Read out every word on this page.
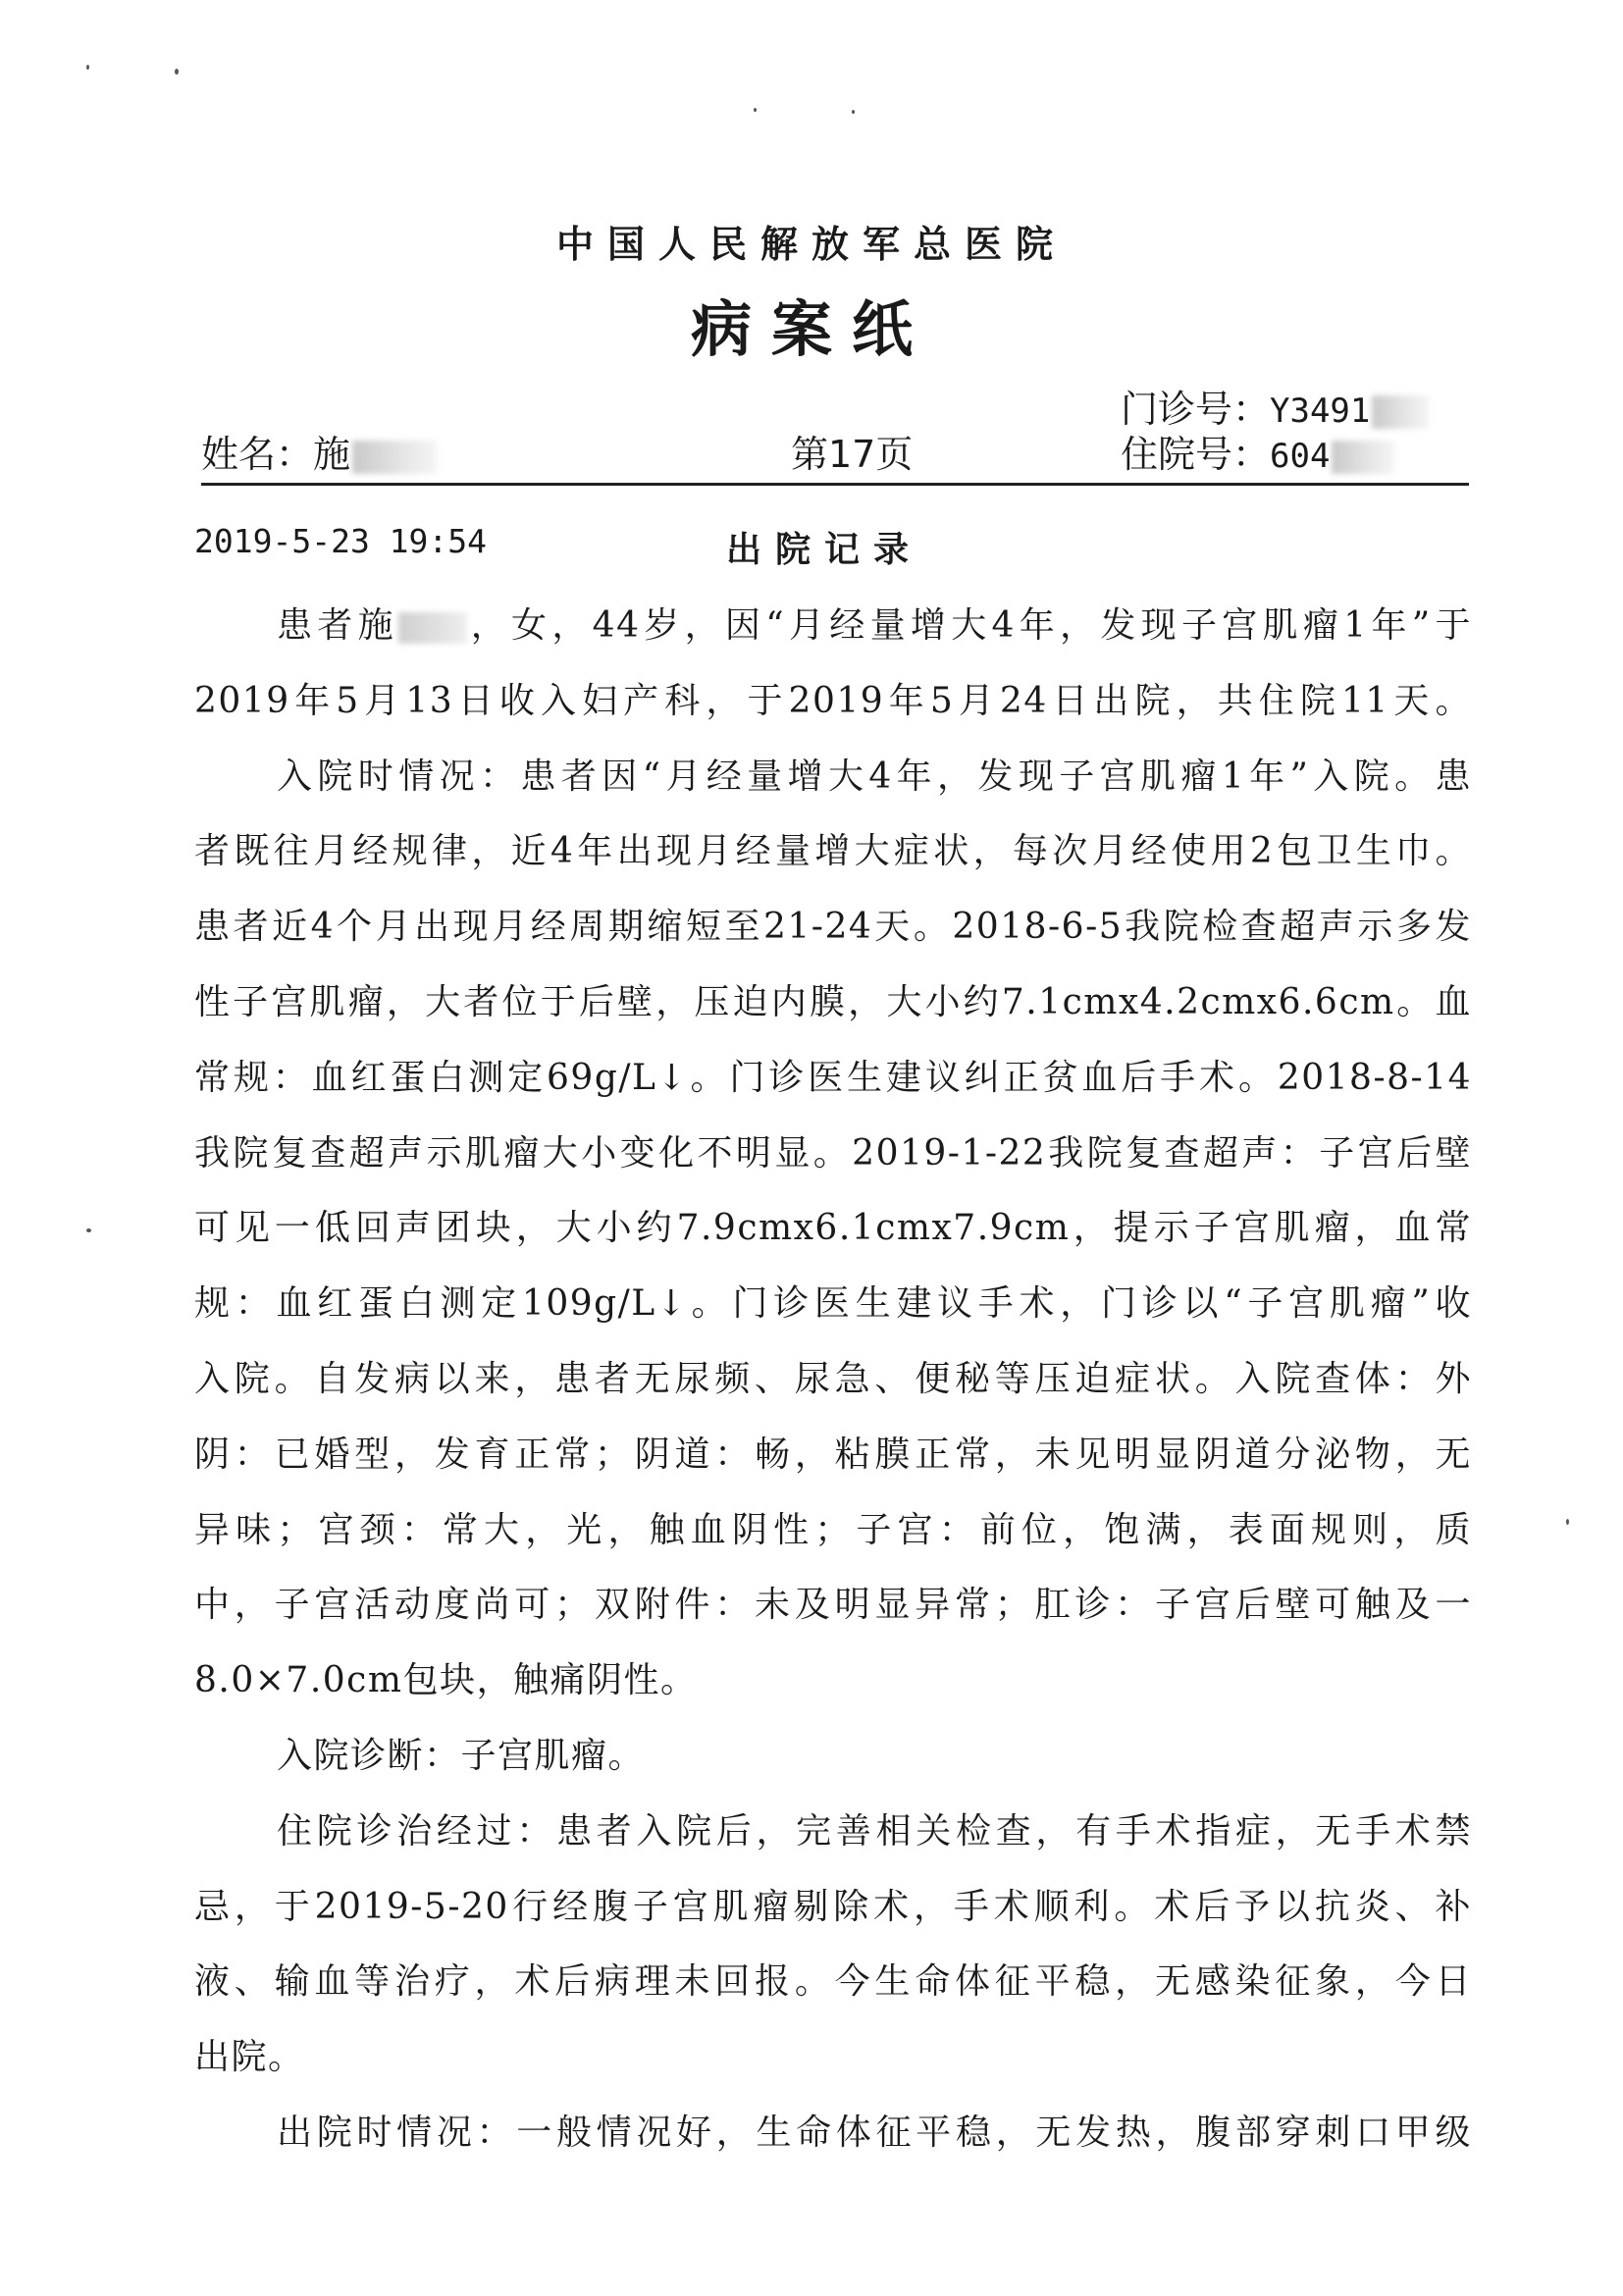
中国人民解放军总医院
病案纸
门诊号：Y3491
姓名：施	第17页	住院号：604
2019-5-23 19:54	出院记录
患者施 ，女，44岁，因“月经量增大4年，发现子宫肌瘤1年”于
2019年5月13日收入妇产科，于2019年5月24日出院，共住院11天。
入院时情况：患者因“月经量增大4年，发现子宫肌瘤1年”入院。患
者既往月经规律，近4年出现月经量增大症状，每次月经使用2包卫生巾。
患者近4个月出现月经周期缩短至21-24天。2018-6-5我院检查超声示多发
性子宫肌瘤，大者位于后壁，压迫内膜，大小约7.1cmx4.2cmx6.6cm。血
常规：血红蛋白测定69g/L↓。门诊医生建议纠正贫血后手术。2018-8-14
我院复查超声示肌瘤大小变化不明显。2019-1-22我院复查超声：子宫后壁
可见一低回声团块，大小约7.9cmx6.1cmx7.9cm，提示子宫肌瘤，血常
规：血红蛋白测定109g/L↓。门诊医生建议手术，门诊以“子宫肌瘤”收
入院。自发病以来，患者无尿频、尿急、便秘等压迫症状。入院查体：外
阴：已婚型，发育正常；阴道：畅，粘膜正常，未见明显阴道分泌物，无
异味；宫颈：常大，光，触血阴性；子宫：前位，饱满，表面规则，质
中，子宫活动度尚可；双附件：未及明显异常；肛诊：子宫后壁可触及一
8.0×7.0cm包块，触痛阴性。
入院诊断：子宫肌瘤。
住院诊治经过：患者入院后，完善相关检查，有手术指症，无手术禁
忌，于2019-5-20行经腹子宫肌瘤剔除术，手术顺利。术后予以抗炎、补
液、输血等治疗，术后病理未回报。今生命体征平稳，无感染征象，今日
出院。
出院时情况：一般情况好，生命体征平稳，无发热，腹部穿刺口甲级
